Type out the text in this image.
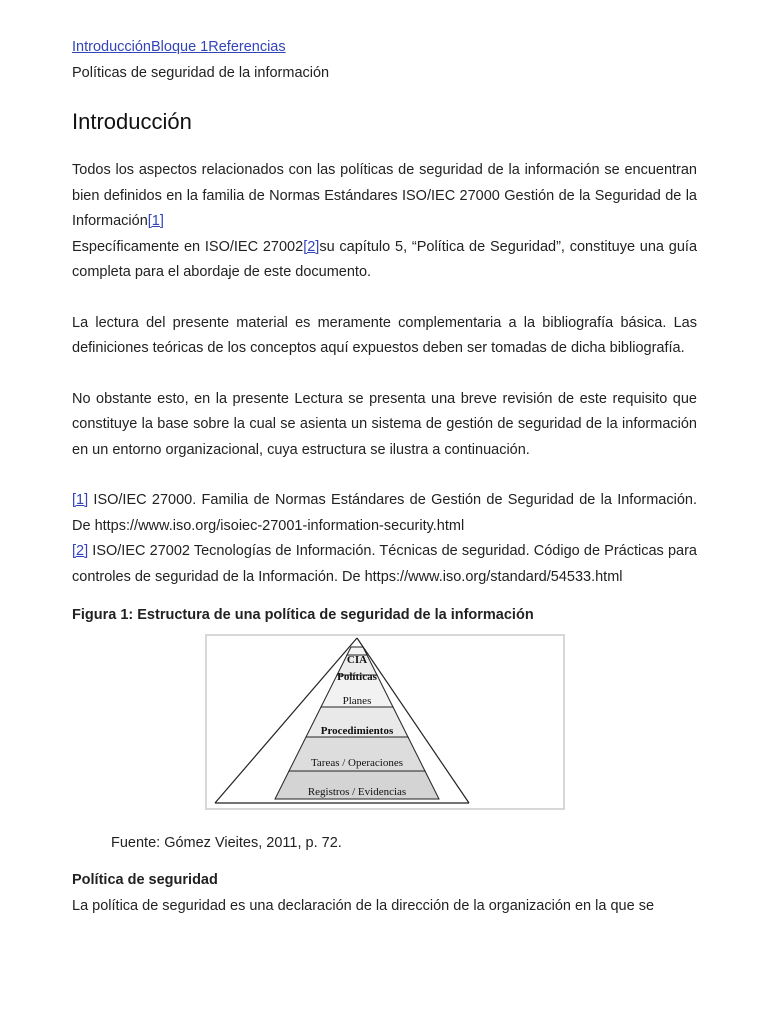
IntroducciónBloque 1Referencias
Políticas de seguridad de la información
Introducción

Todos los aspectos relacionados con las políticas de seguridad de la información se encuentran bien definidos en la familia de Normas Estándares ISO/IEC 27000 Gestión de la Seguridad de la Información[1]

Específicamente en ISO/IEC 27002[2]su capítulo 5, “Política de Seguridad”, constituye una guía completa para el abordaje de este documento.

La lectura del presente material es meramente complementaria a la bibliografía básica. Las definiciones teóricas de los conceptos aquí expuestos deben ser tomadas de dicha bibliografía.

No obstante esto, en la presente Lectura se presenta una breve revisión de este requisito que constituye la base sobre la cual se asienta un sistema de gestión de seguridad de la información en un entorno organizacional, cuya estructura se ilustra a continuación.

[1] ISO/IEC 27000. Familia de Normas Estándares de Gestión de Seguridad de la Información. De https://www.iso.org/isoiec-27001-information-security.html

[2] ISO/IEC 27002 Tecnologías de Información. Técnicas de seguridad. Código de Prácticas para controles de seguridad de la Información. De https://www.iso.org/standard/54533.html

Figura 1: Estructura de una política de seguridad de la información
CIA
Políticas
Planes
Procedimientos
Tareas / Operaciones
Registros / Evidencias
Fuente: Gómez Vieites, 2011, p. 72.
Política de seguridad

La política de seguridad es una declaración de la dirección de la organización en la que se
